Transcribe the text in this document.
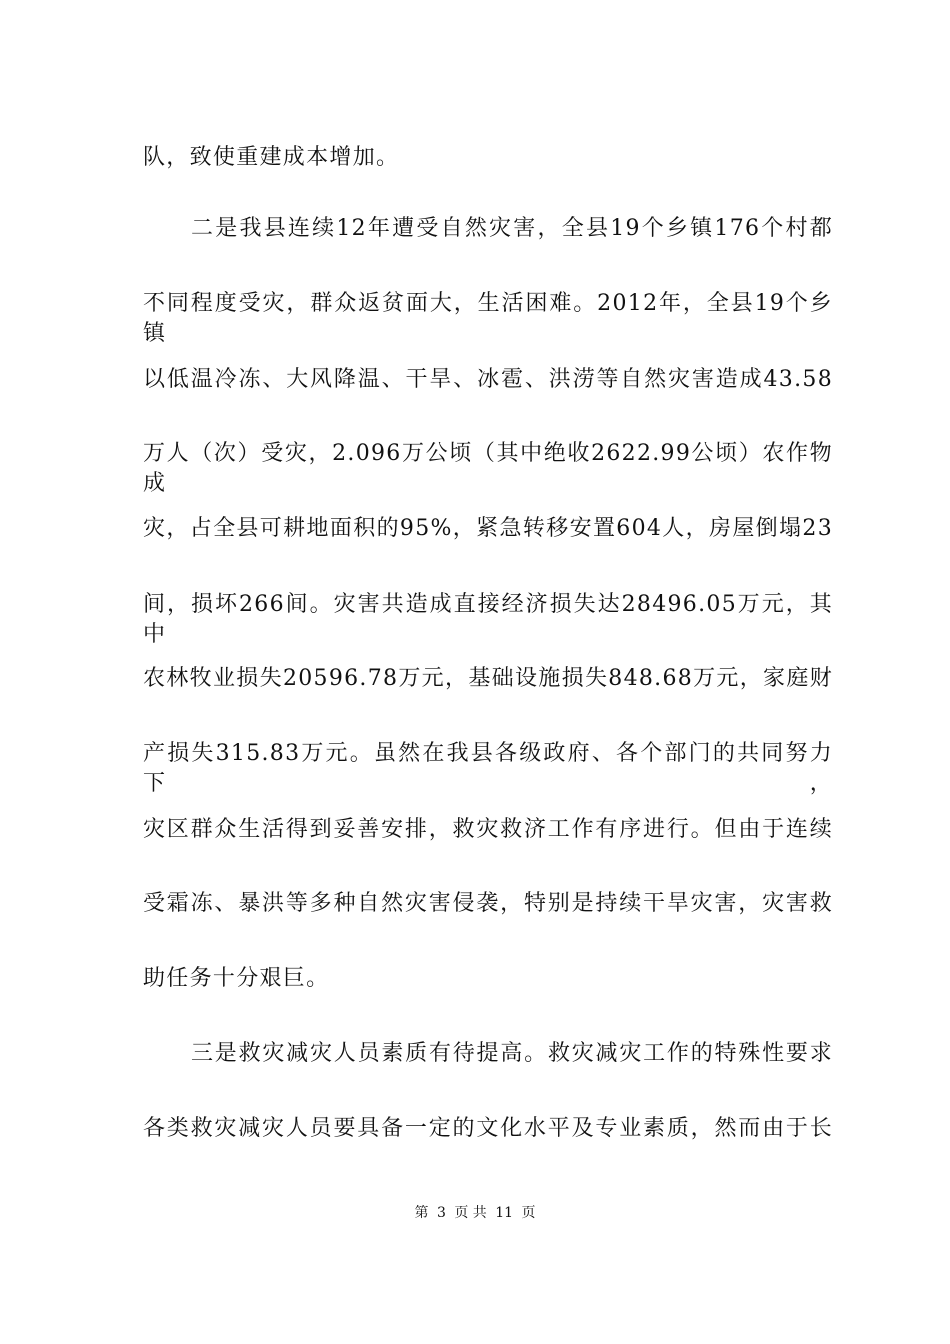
队，致使重建成本增加。
二是我县连续12年遭受自然灾害，全县19个乡镇176个村都
不同程度受灾，群众返贫面大，生活困难。2012年，全县19个乡镇
以低温冷冻、大风降温、干旱、冰雹、洪涝等自然灾害造成43.58
万人（次）受灾，2.096万公顷（其中绝收2622.99公顷）农作物成
灾，占全县可耕地面积的95%，紧急转移安置604人，房屋倒塌23
间，损坏266间。灾害共造成直接经济损失达28496.05万元，其中
农林牧业损失20596.78万元，基础设施损失848.68万元，家庭财
产损失315.83万元。虽然在我县各级政府、各个部门的共同努力下，
灾区群众生活得到妥善安排，救灾救济工作有序进行。但由于连续
受霜冻、暴洪等多种自然灾害侵袭，特别是持续干旱灾害，灾害救
助任务十分艰巨。
三是救灾减灾人员素质有待提高。救灾减灾工作的特殊性要求
各类救灾减灾人员要具备一定的文化水平及专业素质，然而由于长
第 3 页 共 11 页
